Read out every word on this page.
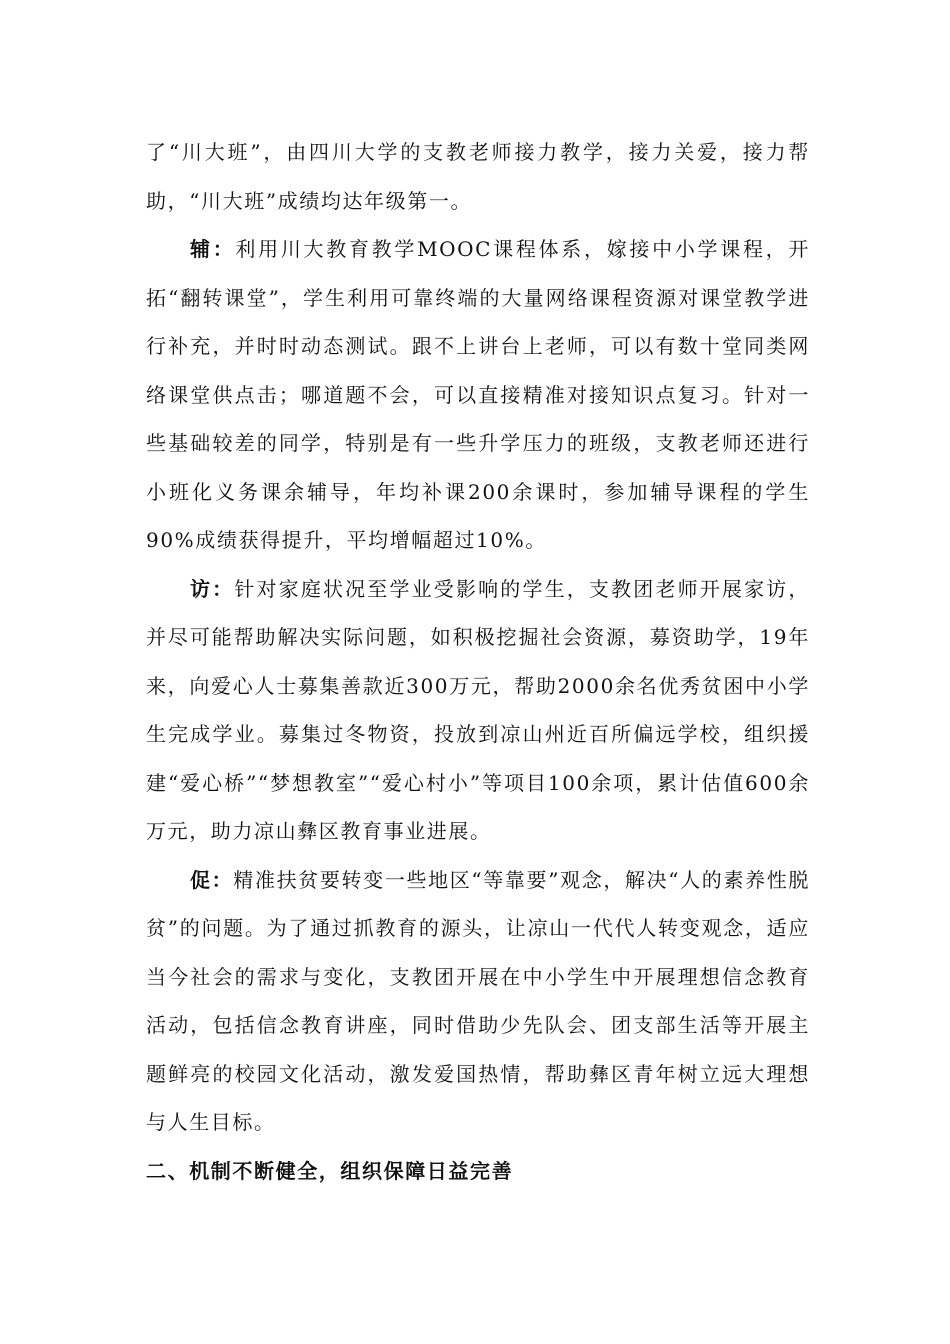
了“川大班”，由四川大学的支教老师接力教学，接力关爱，接力帮助，“川大班”成绩均达年级第一。

辅：利用川大教育教学MOOC课程体系，嫁接中小学课程，开拓“翻转课堂”，学生利用可靠终端的大量网络课程资源对课堂教学进行补充，并时时动态测试。跟不上讲台上老师，可以有数十堂同类网络课堂供点击；哪道题不会，可以直接精准对接知识点复习。针对一些基础较差的同学，特别是有一些升学压力的班级，支教老师还进行小班化义务课余辅导，年均补课200余课时，参加辅导课程的学生90%成绩获得提升，平均增幅超过10%。

访：针对家庭状况至学业受影响的学生，支教团老师开展家访，并尽可能帮助解决实际问题，如积极挖掘社会资源，募资助学，19年来，向爱心人士募集善款近300万元，帮助2000余名优秀贫困中小学生完成学业。募集过冬物资，投放到凉山州近百所偏远学校，组织援建“爱心桥”“梦想教室”“爱心村小”等项目100余项，累计估值600余万元，助力凉山彝区教育事业进展。

促：精准扶贫要转变一些地区“等靠要”观念，解决“人的素养性脱贫”的问题。为了通过抓教育的源头，让凉山一代代人转变观念，适应当今社会的需求与变化，支教团开展在中小学生中开展理想信念教育活动，包括信念教育讲座，同时借助少先队会、团支部生活等开展主题鲜亮的校园文化活动，激发爱国热情，帮助彝区青年树立远大理想与人生目标。

二、机制不断健全，组织保障日益完善
